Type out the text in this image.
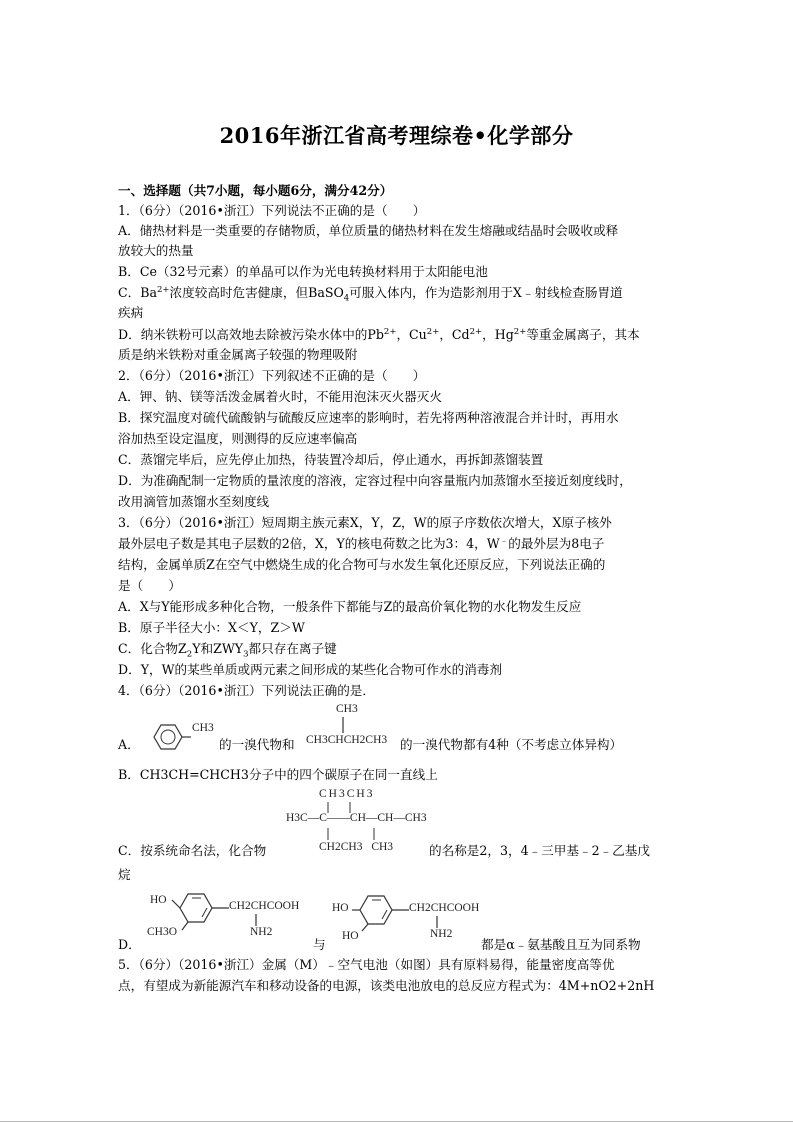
2016年浙江省高考理综卷•化学部分
一、选择题（共7小题，每小题6分，满分42分）
1．（6分）（2016•浙江）下列说法不正确的是（　　）
A．储热材料是一类重要的存储物质，单位质量的储热材料在发生熔融或结晶时会吸收或释
放较大的热量
B．Ce（32号元素）的单晶可以作为光电转换材料用于太阳能电池
C．$Ba^{2+}$浓度较高时危害健康，但BaSO$_4$可服入体内，作为造影剂用于X﹣射线检查肠胃道
疾病
D．纳米铁粉可以高效地去除被污染水体中的$Pb^{2+}$，$Cu^{2+}$，$Cd^{2+}$，$Hg^{2+}$等重金属离子，其本
质是纳米铁粉对重金属离子较强的物理吸附
2．（6分）（2016•浙江）下列叙述不正确的是（　　）
A．钾、钠、镁等活泼金属着火时，不能用泡沫灭火器灭火
B．探究温度对硫代硫酸钠与硫酸反应速率的影响时，若先将两种溶液混合并计时，再用水
浴加热至设定温度，则测得的反应速率偏高
C．蒸馏完毕后，应先停止加热，待装置冷却后，停止通水，再拆卸蒸馏装置
D．为准确配制一定物质的量浓度的溶液，定容过程中向容量瓶内加蒸馏水至接近刻度线时，
改用滴管加蒸馏水至刻度线
3．（6分）（2016•浙江）短周期主族元素X，Y，Z，W的原子序数依次增大，X原子核外
最外层电子数是其电子层数的2倍，X，Y的核电荷数之比为3：4，W﹣的最外层为8电子
结构，金属单质Z在空气中燃烧生成的化合物可与水发生氧化还原反应，下列说法正确的
是（　　）
A．X与Y能形成多种化合物，一般条件下都能与Z的最高价氧化物的水化物发生反应
B．原子半径大小：X＜Y，Z＞W
C．化合物$Z_2Y$和$ZWY_3$都只存在离子键
D．Y，W的某些单质或两元素之间形成的某些化合物可作水的消毒剂
4．（6分）（2016•浙江）下列说法正确的是．
A．
CH3
的一溴代物和
CH3
CH3CHCH2CH3 的一溴代物都有4种（不考虑立体异构）
B．CH3CH=CHCH3分子中的四个碳原子在同一直线上
CH3CH3
H3C—C——CH—CH—CH3
CH2CH3 CH3
C．按系统命名法，化合物	的名称是2，3，4﹣三甲基﹣2﹣乙基戊
烷
HO
CH3O
CH2CHCOOH
NH2
D．	与
HO
HO
CH2CHCOOH
NH2
都是α﹣氨基酸且互为同系物
5．（6分）（2016•浙江）金属（M）﹣空气电池（如图）具有原料易得，能量密度高等优
点，有望成为新能源汽车和移动设备的电源，该类电池放电的总反应方程式为：4M+nO2+2nH
